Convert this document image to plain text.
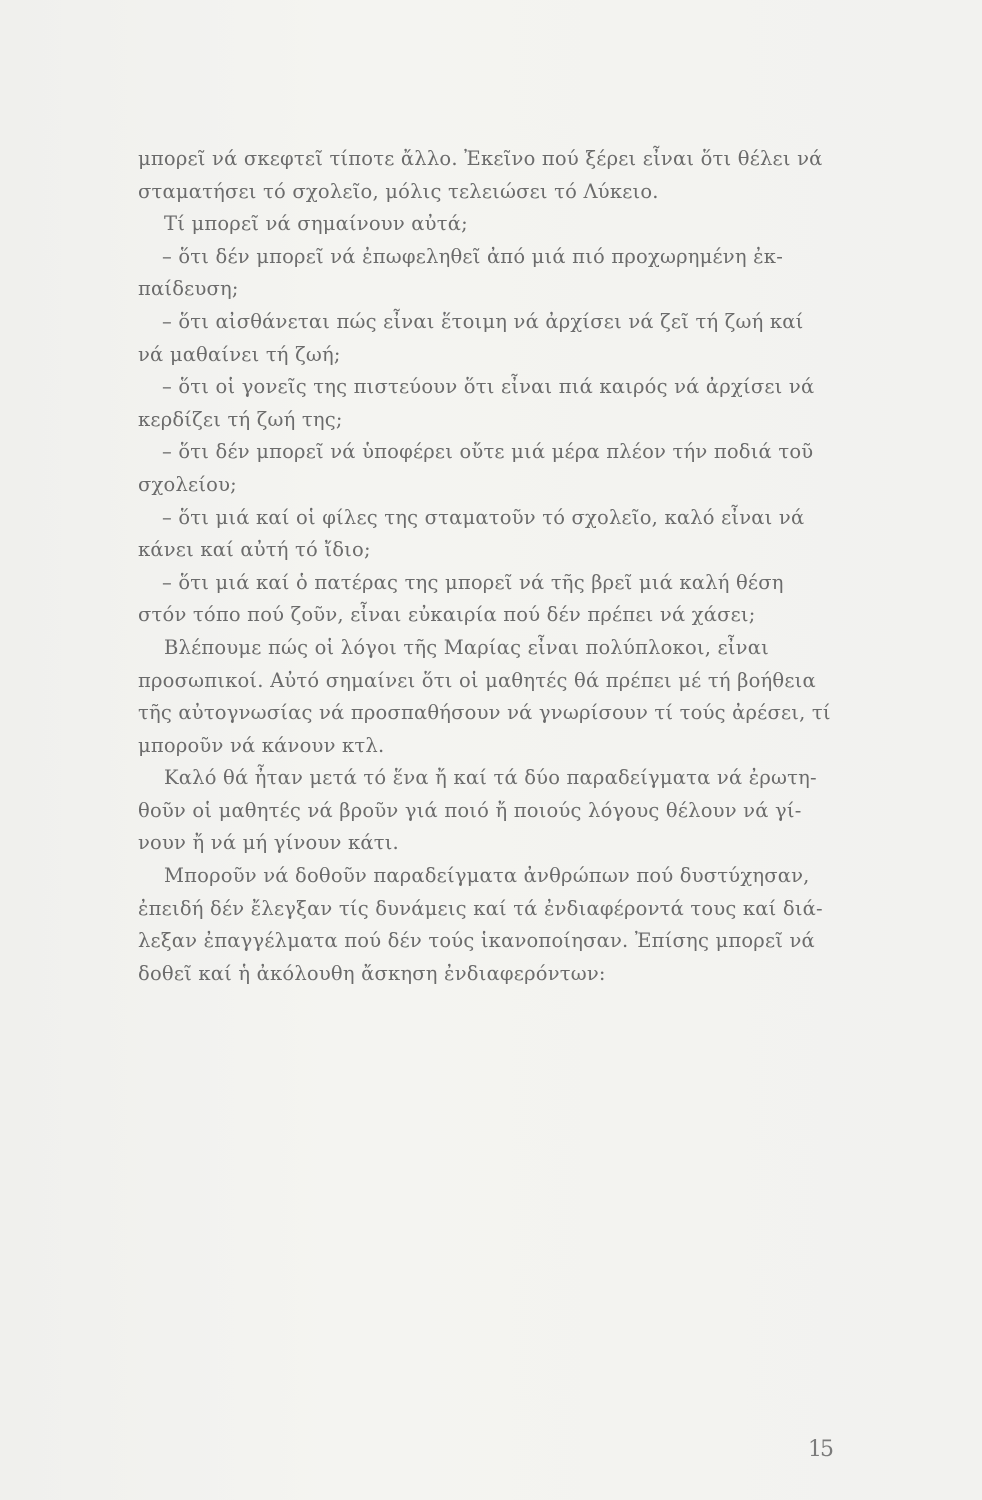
μπορεῖ νά σκεφτεῖ τίποτε ἄλλο. Ἐκεῖνο πού ξέρει εἶναι ὅτι θέλει νά
σταματήσει τό σχολεῖο, μόλις τελειώσει τό Λύκειο.
Τί μπορεῖ νά σημαίνουν αὐτά;
– ὅτι δέν μπορεῖ νά ἐπωφεληθεῖ ἀπό μιά πιό προχωρημένη ἐκ-
παίδευση;
– ὅτι αἰσθάνεται πώς εἶναι ἕτοιμη νά ἀρχίσει νά ζεῖ τή ζωή καί
νά μαθαίνει τή ζωή;
– ὅτι οἱ γονεῖς της πιστεύουν ὅτι εἶναι πιά καιρός νά ἀρχίσει νά
κερδίζει τή ζωή της;
– ὅτι δέν μπορεῖ νά ὑποφέρει οὔτε μιά μέρα πλέον τήν ποδιά τοῦ
σχολείου;
– ὅτι μιά καί οἱ φίλες της σταματοῦν τό σχολεῖο, καλό εἶναι νά
κάνει καί αὐτή τό ἴδιο;
– ὅτι μιά καί ὁ πατέρας της μπορεῖ νά τῆς βρεῖ μιά καλή θέση
στόν τόπο πού ζοῦν, εἶναι εὐκαιρία πού δέν πρέπει νά χάσει;
Βλέπουμε πώς οἱ λόγοι τῆς Μαρίας εἶναι πολύπλοκοι, εἶναι
προσωπικοί. Αὐτό σημαίνει ὅτι οἱ μαθητές θά πρέπει μέ τή βοήθεια
τῆς αὐτογνωσίας νά προσπαθήσουν νά γνωρίσουν τί τούς ἀρέσει, τί
μποροῦν νά κάνουν κτλ.
Καλό θά ἦταν μετά τό ἕνα ἤ καί τά δύο παραδείγματα νά ἐρωτη-
θοῦν οἱ μαθητές νά βροῦν γιά ποιό ἤ ποιούς λόγους θέλουν νά γί-
νουν ἤ νά μή γίνουν κάτι.
Μποροῦν νά δοθοῦν παραδείγματα ἀνθρώπων πού δυστύχησαν,
ἐπειδή δέν ἔλεγξαν τίς δυνάμεις καί τά ἐνδιαφέροντά τους καί διά-
λεξαν ἐπαγγέλματα πού δέν τούς ἱκανοποίησαν. Ἐπίσης μπορεῖ νά
δοθεῖ καί ἡ ἀκόλουθη ἄσκηση ἐνδιαφερόντων:
15
